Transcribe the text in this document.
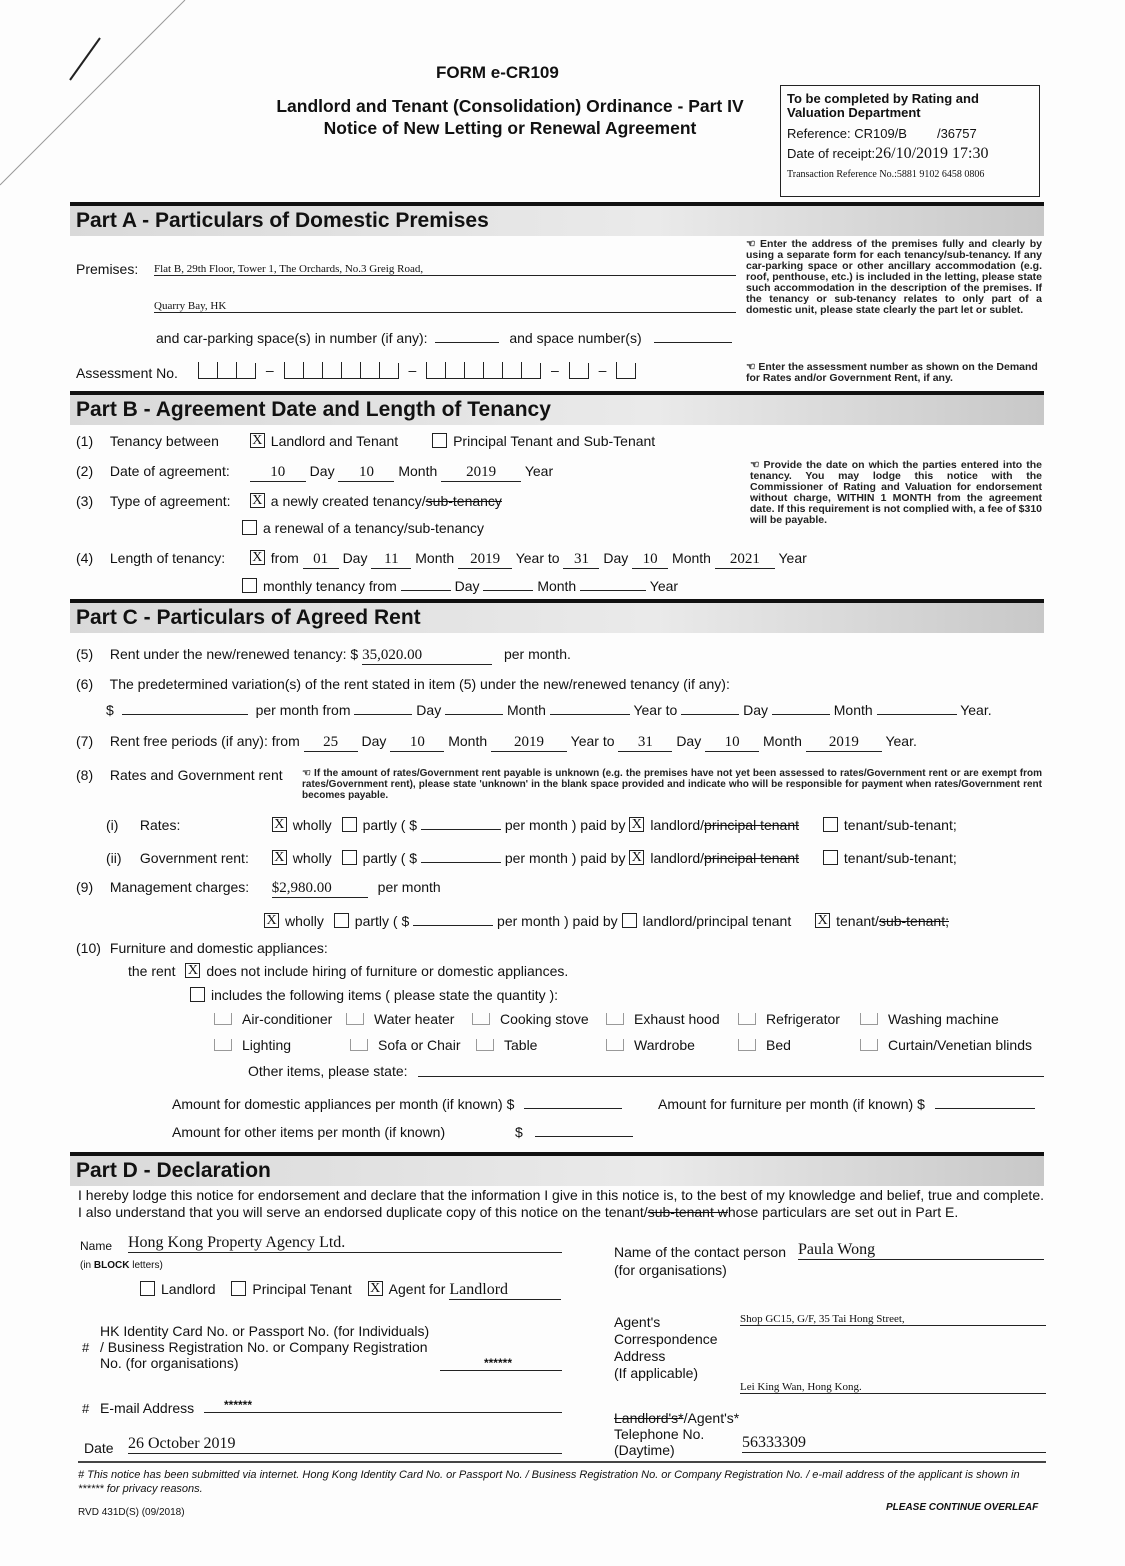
FORM e-CR109
Landlord and Tenant (Consolidation) Ordinance - Part IV
Notice of New Letting or Renewal Agreement
To be completed by Rating and Valuation Department
Reference: CR109/B /36757
Date of receipt:26/10/2019 17:30
Transaction Reference No.:5881 9102 6458 0806
Part A - Particulars of Domestic Premises
Premises: Flat B, 29th Floor, Tower 1, The Orchards, No.3 Greig Road,
Quarry Bay, HK
and car-parking space(s) in number (if any):	and space number(s)
Assessment No.	–	–	–	–
☜ Enter the address of the premises fully and clearly by using a separate form for each tenancy/sub-tenancy. If any car-parking space or other ancillary accommodation (e.g. roof, penthouse, etc.) is included in the letting, please state such accommodation in the description of the premises. If the tenancy or sub-tenancy relates to only part of a domestic unit, please state clearly the part let or sublet.
☜ Enter the assessment number as shown on the Demand for Rates and/or Government Rent, if any.
Part B - Agreement Date and Length of Tenancy
(1) Tenancy between X	Landlord and Tenant	Principal Tenant and Sub-Tenant
(2) Date of agreement:	10 Day 10 Month 2019 Year
(3) Type of agreement: X	a newly created tenancy/sub-tenancy
a renewal of a tenancy/sub-tenancy
(4) Length of tenancy: X	from 01 Day 11 Month 2019 Year to 31 Day 10 Month 2021 Year
monthly tenancy from	Day	Month	Year
☜ Provide the date on which the parties entered into the tenancy. You may lodge this notice with the Commissioner of Rating and Valuation for endorsement without charge, WITHIN 1 MONTH from the agreement date. If this requirement is not complied with, a fee of $310 will be payable.
Part C - Particulars of Agreed Rent
(5) Rent under the new/renewed tenancy: $ 35,020.00	per month.
(6) The predetermined variation(s) of the rent stated in item (5) under the new/renewed tenancy (if any):
$	per month from	Day	Month	Year to	Day	Month	Year.
(7) Rent free periods (if any): from 25 Day 10 Month 2019 Year to 31 Day 10 Month 2019 Year.
(8) Rates and Government rent ☜ If the amount of rates/Government rent payable is unknown (e.g. the premises have not yet been assessed to rates/Government rent or are exempt from rates/Government rent), please state 'unknown' in the blank space provided and indicate who will be responsible for payment when rates/Government rent becomes payable.
(i) Rates: X	wholly partly ( $	per month ) paid by X landlord/principal tenant	tenant/sub-tenant;
(ii) Government rent: X	wholly partly ( $	per month ) paid by X landlord/principal tenant	tenant/sub-tenant;
(9) Management charges: $2,980.00	per month
Xwholly partly ( $	per month ) paid by landlord/principal tenant X	tenant/sub-tenant;
(10) Furniture and domestic appliances:
the rent X does not include hiring of furniture or domestic appliances.
includes the following items ( please state the quantity ):
Air-conditioner	Water heater	Cooking stove	Exhaust hood	Refrigerator	Washing machine
Lighting	Sofa or Chair	Table	Wardrobe	Bed	Curtain/Venetian blinds
Other items, please state:
Amount for domestic appliances per month (if known) $	Amount for furniture per month (if known) $
Amount for other items per month (if known)	$
Part D - Declaration
I hereby lodge this notice for endorsement and declare that the information I give in this notice is, to the best of my knowledge and belief, true and complete. I also understand that you will serve an endorsed duplicate copy of this notice on the tenant/sub-tenant whose particulars are set out in Part E.
Name Hong Kong Property Agency Ltd.
(in BLOCK letters)
Landlord	Principal Tenant X	Agent for Landlord
Name of the contact person Paula Wong
(for organisations)
#
HK Identity Card No. or Passport No. (for Individuals) / Business Registration No. or Company Registration No. (for organisations)	******
Agent's
Correspondence
Address
(If applicable)
Shop GC15, G/F, 35 Tai Hong Street,
Lei King Wan, Hong Kong.
# E-mail Address	******
Landlord's*/Agent's*
Telephone No.
(Daytime)	56333309
Date 26 October 2019
# This notice has been submitted via internet. Hong Kong Identity Card No. or Passport No. / Business Registration No. or Company Registration No. / e-mail address of the applicant is shown in ****** for privacy reasons.
RVD 431D(S) (09/2018)	PLEASE CONTINUE OVERLEAF
